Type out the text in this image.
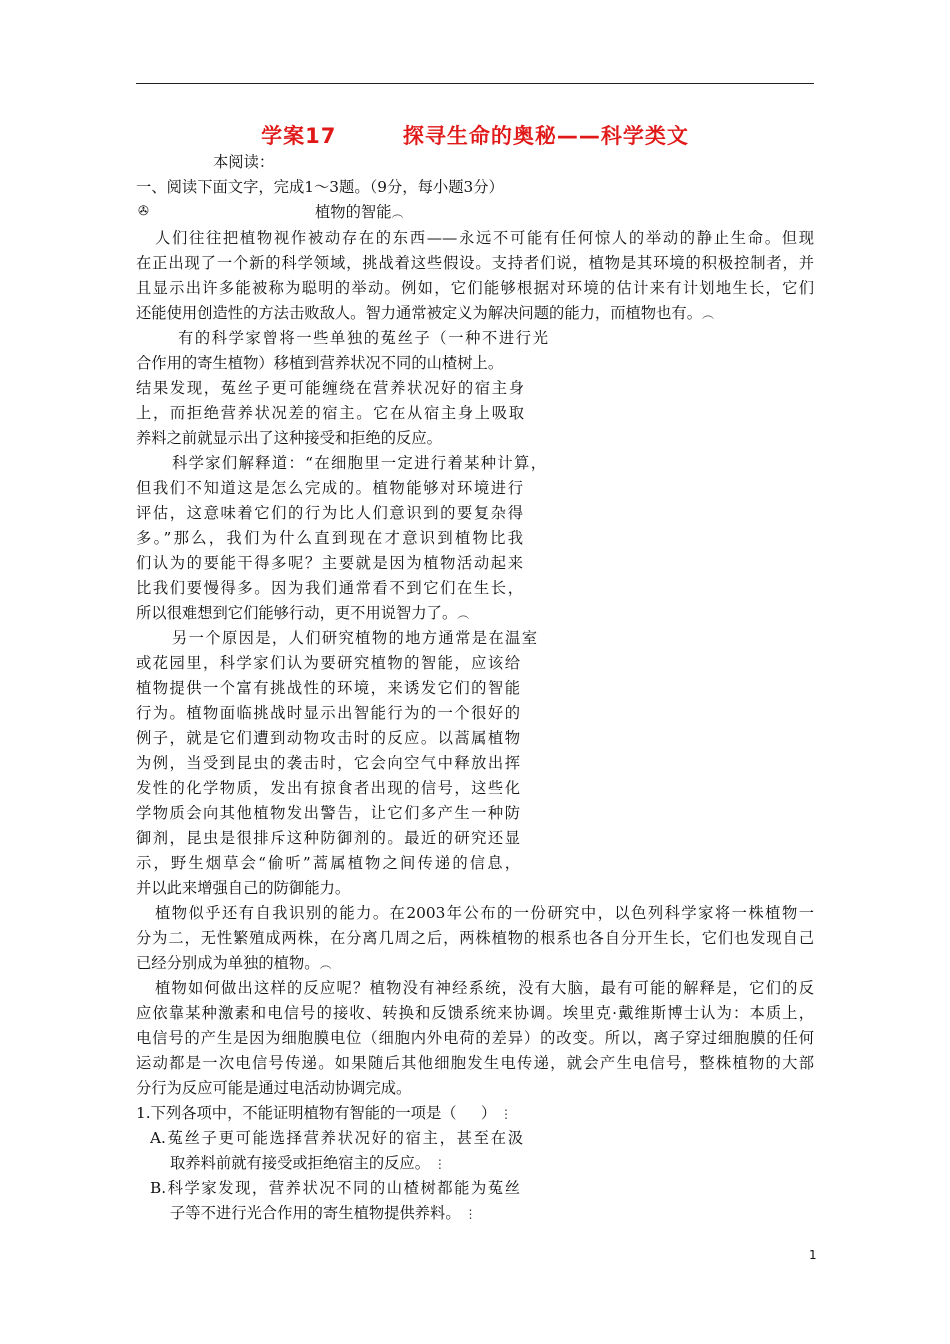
学案17        探寻生命的奥秘——科学类文
本阅读：
一、阅读下面文字，完成1～3题。（9分，每小题3分）
✇	植物的智能︵
人们往往把植物视作被动存在的东西——永远不可能有任何惊人的举动的静止生命。但现
在正出现了一个新的科学领域，挑战着这些假设。支持者们说，植物是其环境的积极控制者，并
且显示出许多能被称为聪明的举动。例如，它们能够根据对环境的估计来有计划地生长，它们
还能使用创造性的方法击败敌人。智力通常被定义为解决问题的能力，而植物也有。︵
有的科学家曾将一些单独的菟丝子（一种不进行光
合作用的寄生植物）移植到营养状况不同的山楂树上。
结果发现，菟丝子更可能缠绕在营养状况好的宿主身
上，而拒绝营养状况差的宿主。它在从宿主身上吸取
养料之前就显示出了这种接受和拒绝的反应。
科学家们解释道：“在细胞里一定进行着某种计算，
但我们不知道这是怎么完成的。植物能够对环境进行
评估，这意味着它们的行为比人们意识到的要复杂得
多。”那么，我们为什么直到现在才意识到植物比我
们认为的要能干得多呢？主要就是因为植物活动起来
比我们要慢得多。因为我们通常看不到它们在生长，
所以很难想到它们能够行动，更不用说智力了。︵
另一个原因是，人们研究植物的地方通常是在温室
或花园里，科学家们认为要研究植物的智能，应该给
植物提供一个富有挑战性的环境，来诱发它们的智能
行为。植物面临挑战时显示出智能行为的一个很好的
例子，就是它们遭到动物攻击时的反应。以蒿属植物
为例，当受到昆虫的袭击时，它会向空气中释放出挥
发性的化学物质，发出有掠食者出现的信号，这些化
学物质会向其他植物发出警告，让它们多产生一种防
御剂，昆虫是很排斥这种防御剂的。最近的研究还显
示，野生烟草会“偷听”蒿属植物之间传递的信息，
并以此来增强自己的防御能力。
植物似乎还有自我识别的能力。在2003年公布的一份研究中，以色列科学家将一株植物一
分为二，无性繁殖成两株，在分离几周之后，两株植物的根系也各自分开生长，它们也发现自己
已经分别成为单独的植物。︵
植物如何做出这样的反应呢？植物没有神经系统，没有大脑，最有可能的解释是，它们的反
应依靠某种激素和电信号的接收、转换和反馈系统来协调。埃里克·戴维斯博士认为：本质上，
电信号的产生是因为细胞膜电位（细胞内外电荷的差异）的改变。所以，离子穿过细胞膜的任何
运动都是一次电信号传递。如果随后其他细胞发生电传递，就会产生电信号，整株植物的大部
分行为反应可能是通过电活动协调完成。
1.下列各项中，不能证明植物有智能的一项是（     ） ⋮
A.菟丝子更可能选择营养状况好的宿主，甚至在汲
取养料前就有接受或拒绝宿主的反应。 ⋮
B.科学家发现，营养状况不同的山楂树都能为菟丝
子等不进行光合作用的寄生植物提供养料。 ⋮
1
